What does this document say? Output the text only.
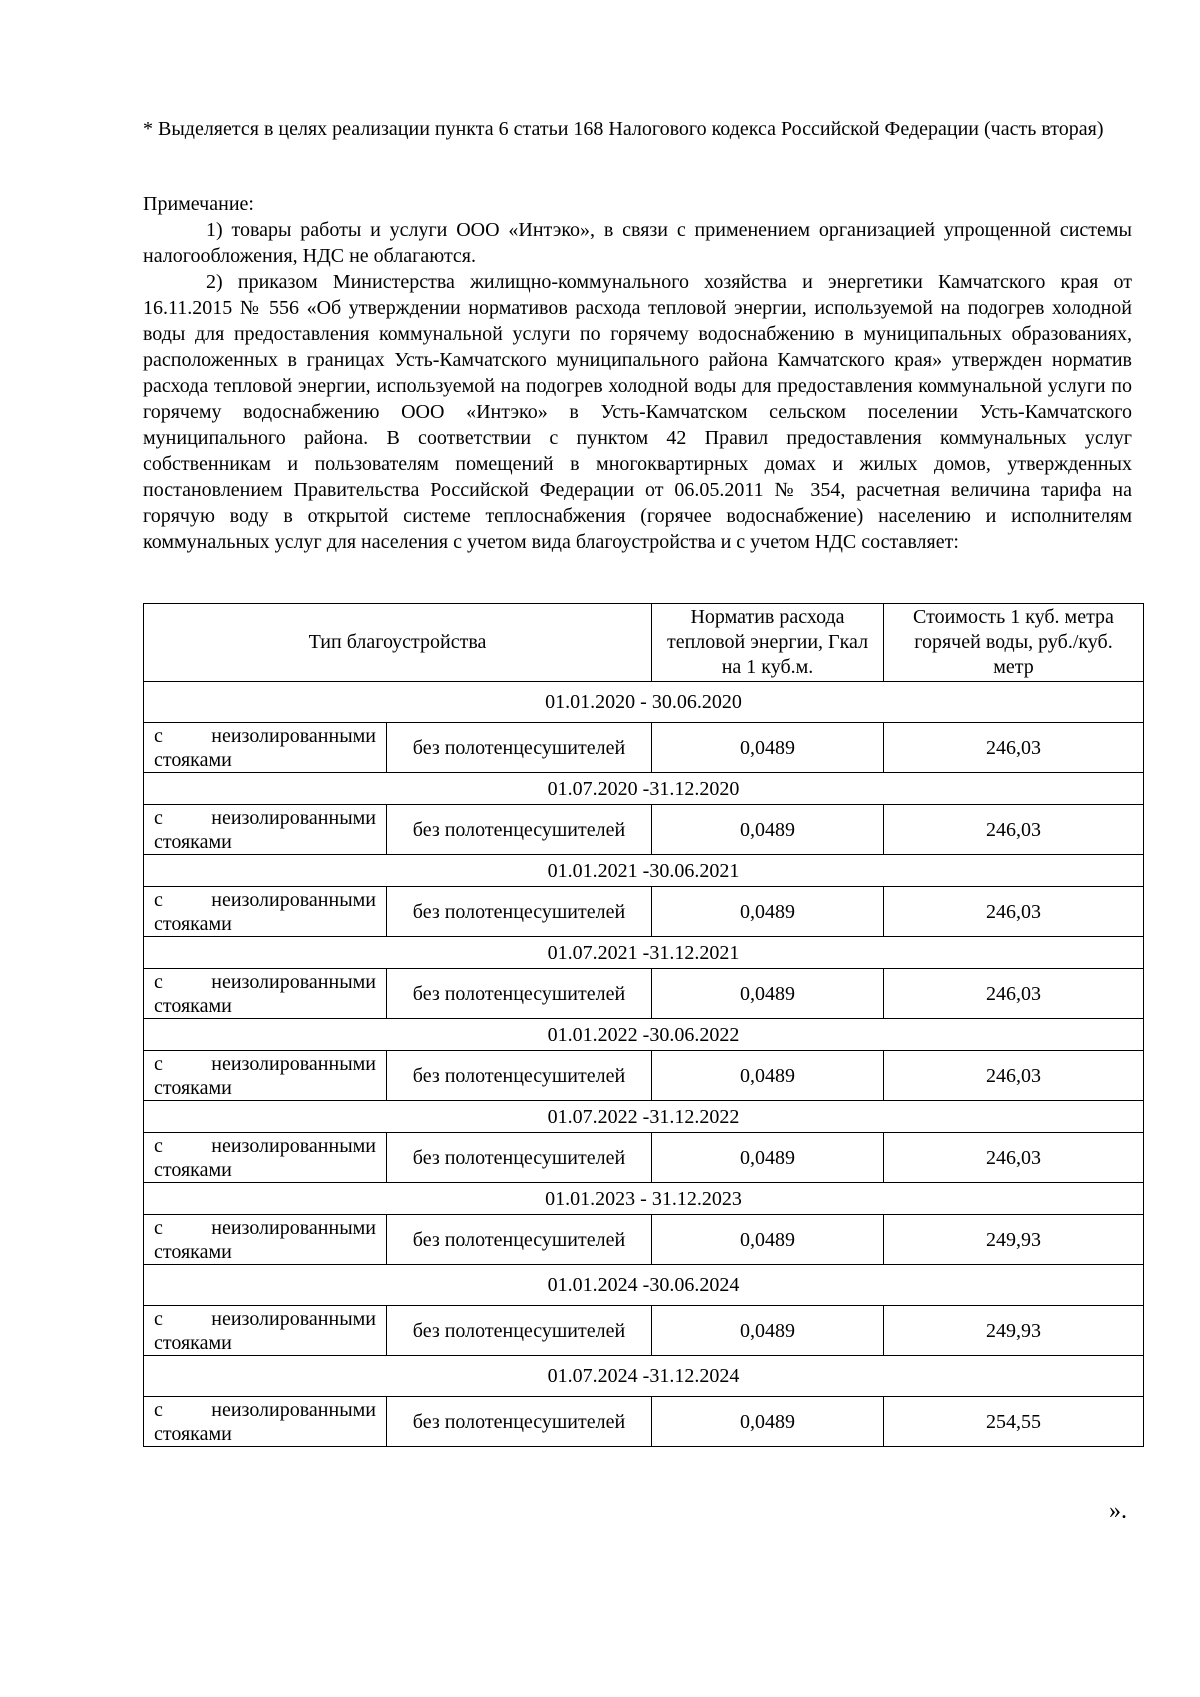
* Выделяется в целях реализации пункта 6 статьи 168 Налогового кодекса Российской Федерации (часть вторая)
Примечание:
1) товары работы и услуги ООО «Интэко», в связи с применением организацией упрощенной системы налогообложения, НДС не облагаются.
2) приказом Министерства жилищно-коммунального хозяйства и энергетики Камчатского края от 16.11.2015 № 556 «Об утверждении нормативов расхода тепловой энергии, используемой на подогрев холодной воды для предоставления коммунальной услуги по горячему водоснабжению в муниципальных образованиях, расположенных в границах Усть-Камчатского муниципального района Камчатского края» утвержден норматив расхода тепловой энергии, используемой на подогрев холодной воды для предоставления коммунальной услуги по горячему водоснабжению ООО «Интэко» в Усть-Камчатском сельском поселении Усть-Камчатского муниципального района. В соответствии с пунктом 42 Правил предоставления коммунальных услуг собственникам и пользователям помещений в многоквартирных домах и жилых домов, утвержденных постановлением Правительства Российской Федерации от 06.05.2011 № 354, расчетная величина тарифа на горячую воду в открытой системе теплоснабжения (горячее водоснабжение) населению и исполнителям коммунальных услуг для населения с учетом вида благоустройства и с учетом НДС составляет:
Тип благоустройства		Норматив расхода тепловой энергии, Гкал на 1 куб.м.	Стоимость 1 куб. метра горячей воды, руб./куб. метр
01.01.2020 - 30.06.2020			
с неизолированными стояками	без полотенцесушителей	0,0489	246,03
01.07.2020 -31.12.2020			
с неизолированными стояками	без полотенцесушителей	0,0489	246,03
01.01.2021 -30.06.2021			
с неизолированными стояками	без полотенцесушителей	0,0489	246,03
01.07.2021 -31.12.2021			
с неизолированными стояками	без полотенцесушителей	0,0489	246,03
01.01.2022 -30.06.2022			
с неизолированными стояками	без полотенцесушителей	0,0489	246,03
01.07.2022 -31.12.2022			
с неизолированными стояками	без полотенцесушителей	0,0489	246,03
01.01.2023 - 31.12.2023			
с неизолированными стояками	без полотенцесушителей	0,0489	249,93
01.01.2024 -30.06.2024			
с неизолированными стояками	без полотенцесушителей	0,0489	249,93
01.07.2024 -31.12.2024			
с неизолированными стояками	без полотенцесушителей	0,0489	254,55
».
